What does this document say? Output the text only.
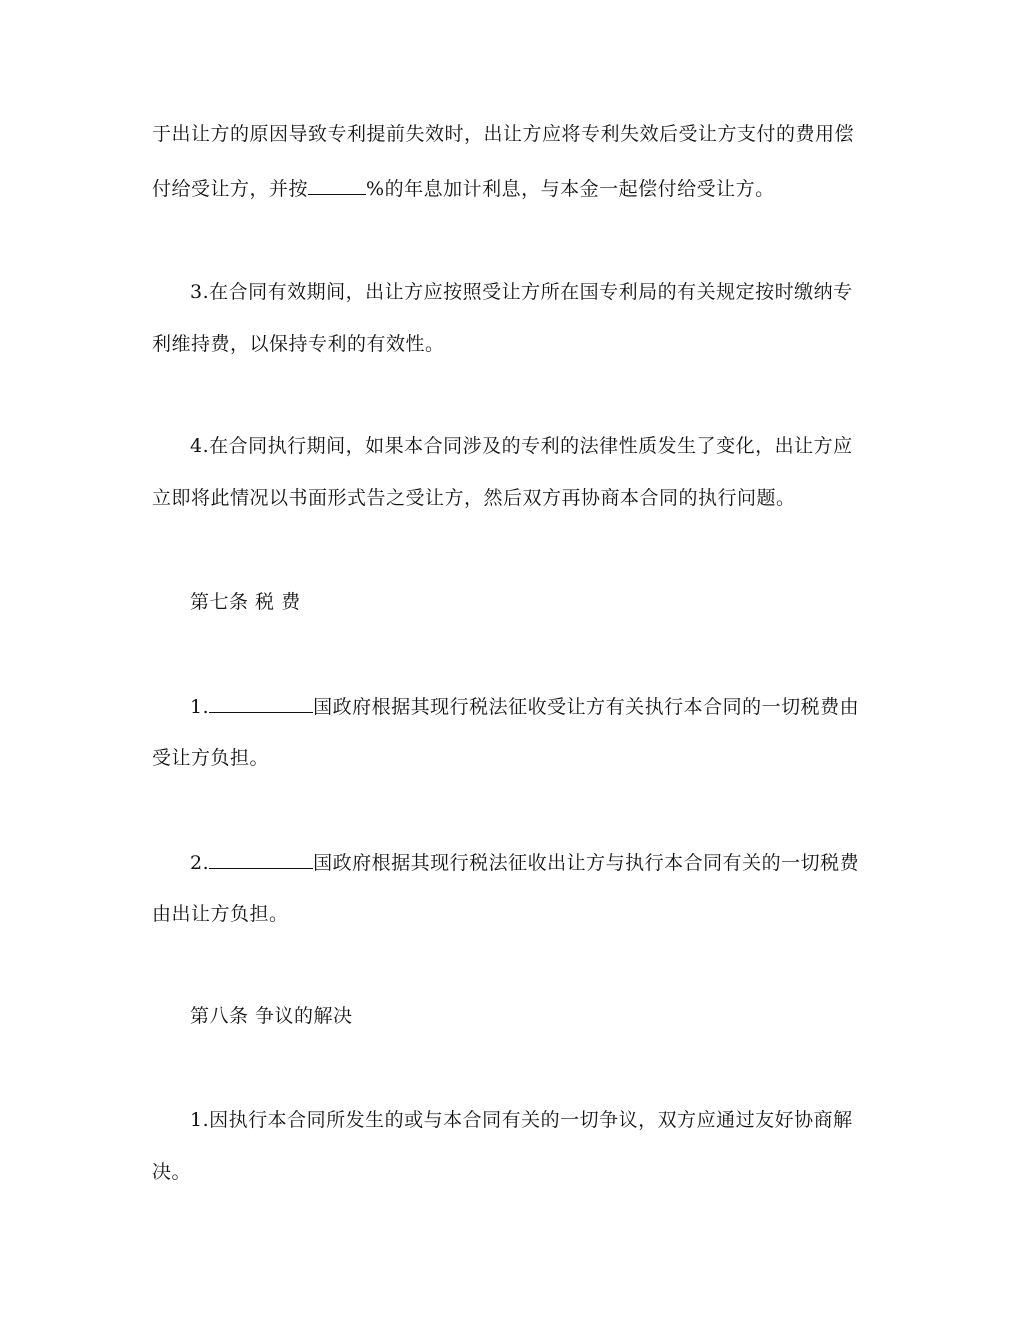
于出让方的原因导致专利提前失效时，出让方应将专利失效后受让方支付的费用偿
付给受让方，并按	%的年息加计利息，与本金一起偿付给受让方。
3.在合同有效期间，出让方应按照受让方所在国专利局的有关规定按时缴纳专
利维持费，以保持专利的有效性。
4.在合同执行期间，如果本合同涉及的专利的法律性质发生了变化，出让方应
立即将此情况以书面形式告之受让方，然后双方再协商本合同的执行问题。
第七条 税 费
1.	国政府根据其现行税法征收受让方有关执行本合同的一切税费由
受让方负担。
2.	国政府根据其现行税法征收出让方与执行本合同有关的一切税费
由出让方负担。
第八条 争议的解决
1.因执行本合同所发生的或与本合同有关的一切争议，双方应通过友好协商解
决。
